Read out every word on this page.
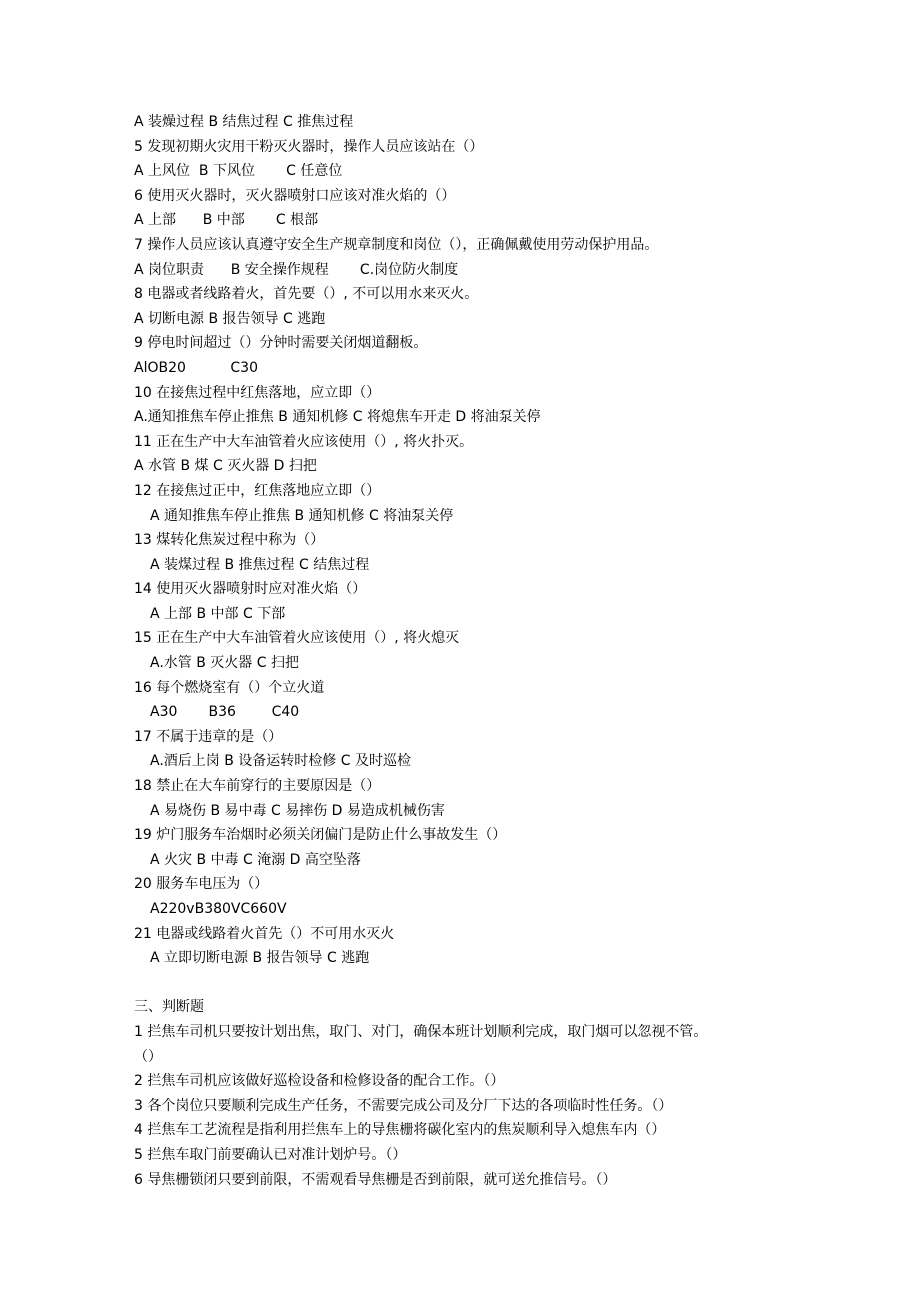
A 装燥过程 B 结焦过程 C 推焦过程
5 发现初期火灾用干粉灭火器时，操作人员应该站在（）
A 上风位  B 下风位       C 任意位
6 使用灭火器时，灭火器喷射口应该对准火焰的（）
A 上部      B 中部       C 根部
7 操作人员应该认真遵守安全生产规章制度和岗位（），正确佩戴使用劳动保护用品。
A 岗位职责      B 安全操作规程       C.岗位防火制度
8 电器或者线路着火，首先要（）, 不可以用水来灭火。
A 切断电源 B 报告领导 C 逃跑
9 停电时间超过（）分钟时需要关闭烟道翻板。
AlOB20          C30
10 在接焦过程中红焦落地，应立即（）
A.通知推焦车停止推焦 B 通知机修 C 将熄焦车开走 D 将油泵关停
11 正在生产中大车油管着火应该使用（）, 将火扑灭。
A 水管 B 煤 C 灭火器 D 扫把
12 在接焦过正中，红焦落地应立即（）
A 通知推焦车停止推焦 B 通知机修 C 将油泵关停
13 煤转化焦炭过程中称为（）
A 装煤过程 B 推焦过程 C 结焦过程
14 使用灭火器喷射时应对准火焰（）
A 上部 B 中部 C 下部
15 正在生产中大车油管着火应该使用（）, 将火熄灭
A.水管 B 灭火器 C 扫把
16 每个燃烧室有（）个立火道
A30       B36        C40
17 不属于违章的是（）
A.酒后上岗 B 设备运转时检修 C 及时巡检
18 禁止在大车前穿行的主要原因是（）
A 易烧伤 B 易中毒 C 易摔伤 D 易造成机械伤害
19 炉门服务车治烟时必须关闭偏门是防止什么事故发生（）
A 火灾 B 中毒 C 淹溺 D 高空坠落
20 服务车电压为（）
A220vB380VC660V
21 电器或线路着火首先（）不可用水灭火
A 立即切断电源 B 报告领导 C 逃跑
三、判断题
1 拦焦车司机只要按计划出焦，取门、对门，确保本班计划顺利完成，取门烟可以忽视不管。
（）
2 拦焦车司机应该做好巡检设备和检修设备的配合工作。（）
3 各个岗位只要顺利完成生产任务，不需要完成公司及分厂下达的各项临时性任务。（）
4 拦焦车工艺流程是指利用拦焦车上的导焦栅将碳化室内的焦炭顺利导入熄焦车内（）
5 拦焦车取门前要确认已对准计划炉号。（）
6 导焦栅锁闭只要到前限，不需观看导焦栅是否到前限，就可送允推信号。（）
